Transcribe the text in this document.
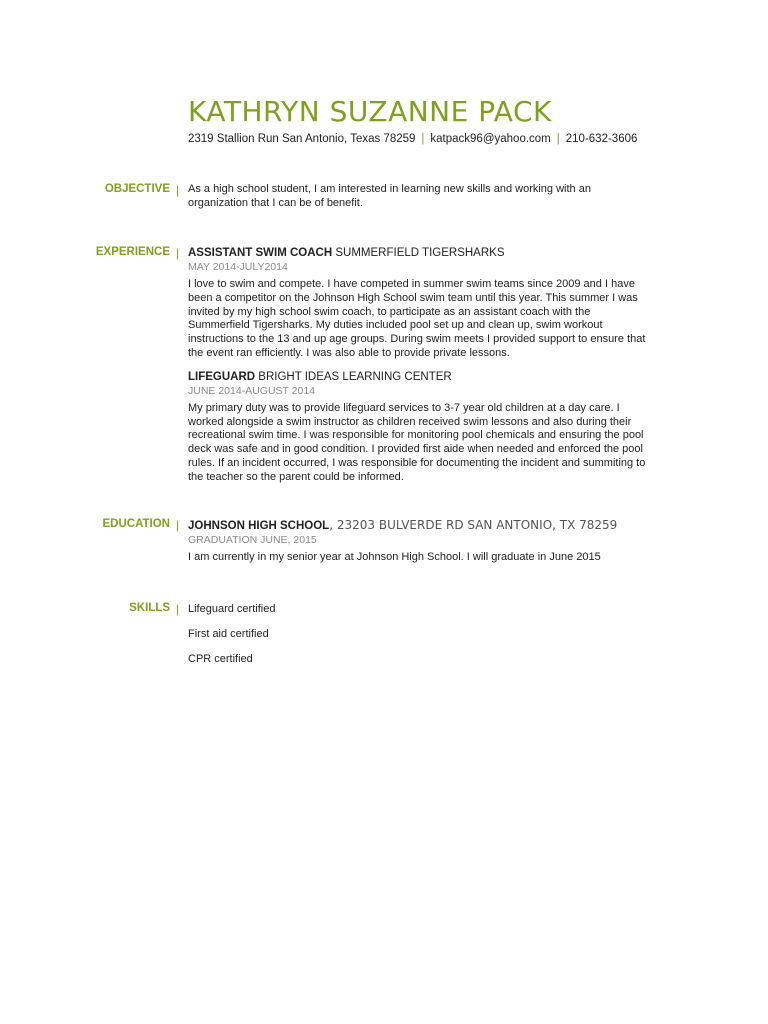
KATHRYN SUZANNE PACK
2319 Stallion Run San Antonio, Texas 78259 | katpack96@yahoo.com | 210-632-3606
OBJECTIVE | As a high school student, I am interested in learning new skills and working with an organization that I can be of benefit.
EXPERIENCE | ASSISTANT SWIM COACH SUMMERFIELD TIGERSHARKS

MAY 2014-JULY2014

I love to swim and compete. I have competed in summer swim teams since 2009 and I have been a competitor on the Johnson High School swim team until this year. This summer I was invited by my high school swim coach, to participate as an assistant coach with the Summerfield Tigersharks. My duties included pool set up and clean up, swim workout instructions to the 13 and up age groups. During swim meets I provided support to ensure that the event ran efficiently. I was also able to provide private lessons.

LIFEGUARD BRIGHT IDEAS LEARNING CENTER

JUNE 2014-AUGUST 2014

My primary duty was to provide lifeguard services to 3-7 year old children at a day care. I worked alongside a swim instructor as children received swim lessons and also during their recreational swim time. I was responsible for monitoring pool chemicals and ensuring the pool deck was safe and in good condition. I provided first aide when needed and enforced the pool rules. If an incident occurred, I was responsible for documenting the incident and summiting to the teacher so the parent could be informed.

EDUCATION | JOHNSON HIGH SCHOOL, 23203 BULVERDE RD SAN ANTONIO, TX 78259

GRADUATION JUNE, 2015

I am currently in my senior year at Johnson High School. I will graduate in June 2015

SKILLS | Lifeguard certified

First aid certified

CPR certified
